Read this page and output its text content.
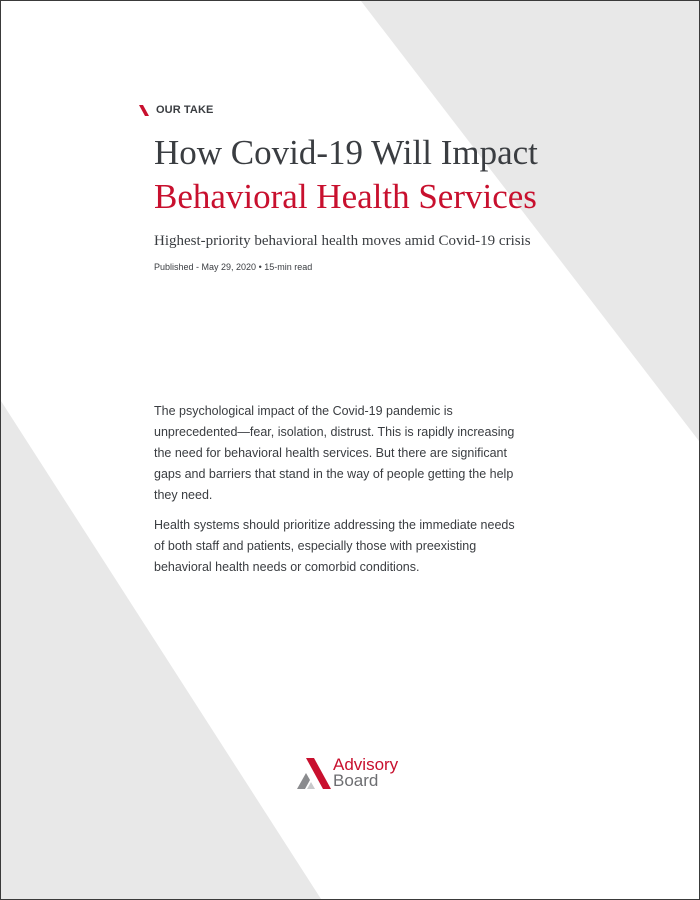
OUR TAKE
How Covid-19 Will Impact
Behavioral Health Services

Highest-priority behavioral health moves amid Covid-19 crisis

Published - May 29, 2020 • 15-min read

The psychological impact of the Covid-19 pandemic is unprecedented—fear, isolation, distrust. This is rapidly increasing the need for behavioral health services. But there are significant gaps and barriers that stand in the way of people getting the help they need.

Health systems should prioritize addressing the immediate needs of both staff and patients, especially those with preexisting behavioral health needs or comorbid conditions.

Advisory
Board
